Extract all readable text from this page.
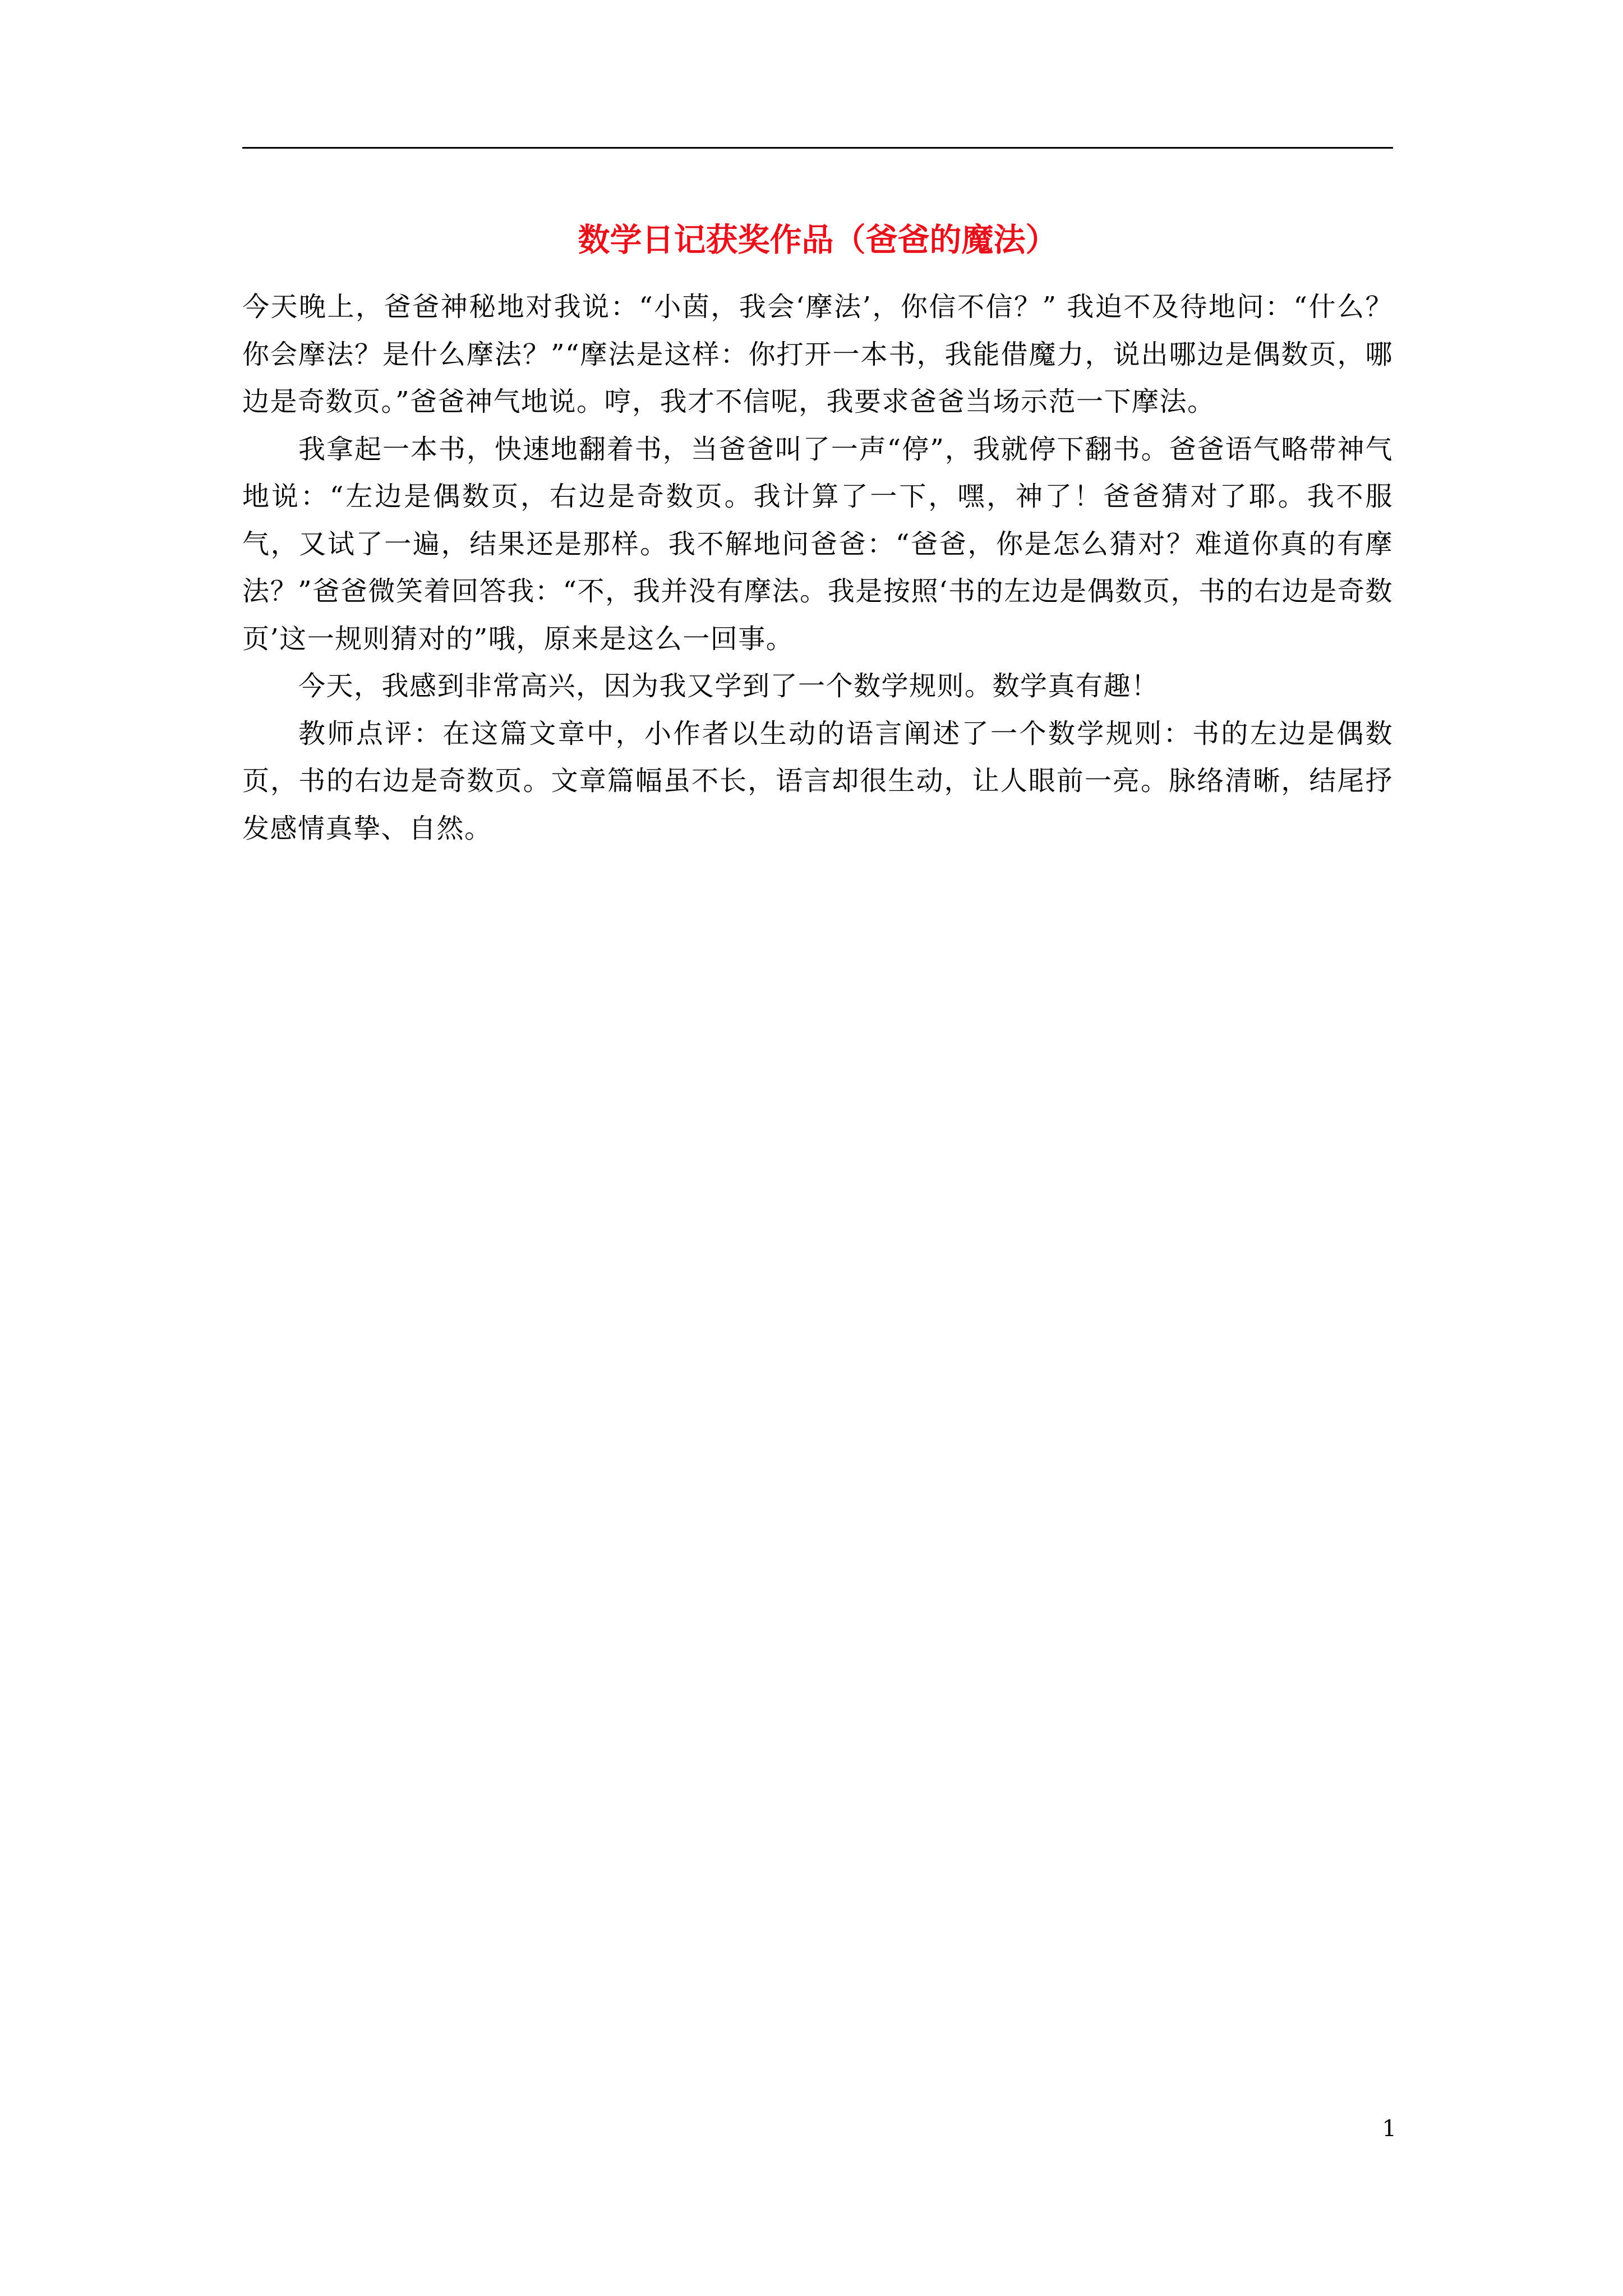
数学日记获奖作品（爸爸的魔法）

今天晚上，爸爸神秘地对我说：“小茵，我会‘摩法’，你信不信？” 我迫不及待地问：“什么？你会摩法？是什么摩法？”“摩法是这样：你打开一本书，我能借魔力，说出哪边是偶数页，哪边是奇数页。”爸爸神气地说。哼，我才不信呢，我要求爸爸当场示范一下摩法。

我拿起一本书，快速地翻着书，当爸爸叫了一声“停”，我就停下翻书。爸爸语气略带神气地说：“左边是偶数页，右边是奇数页。我计算了一下，嘿，神了！爸爸猜对了耶。我不服气，又试了一遍，结果还是那样。我不解地问爸爸：“爸爸，你是怎么猜对？难道你真的有摩法？”爸爸微笑着回答我：“不，我并没有摩法。我是按照‘书的左边是偶数页，书的右边是奇数页’这一规则猜对的”哦，原来是这么一回事。

今天，我感到非常高兴，因为我又学到了一个数学规则。数学真有趣！

教师点评：在这篇文章中，小作者以生动的语言阐述了一个数学规则：书的左边是偶数页，书的右边是奇数页。文章篇幅虽不长，语言却很生动，让人眼前一亮。脉络清晰，结尾抒发感情真挚、自然。

1
